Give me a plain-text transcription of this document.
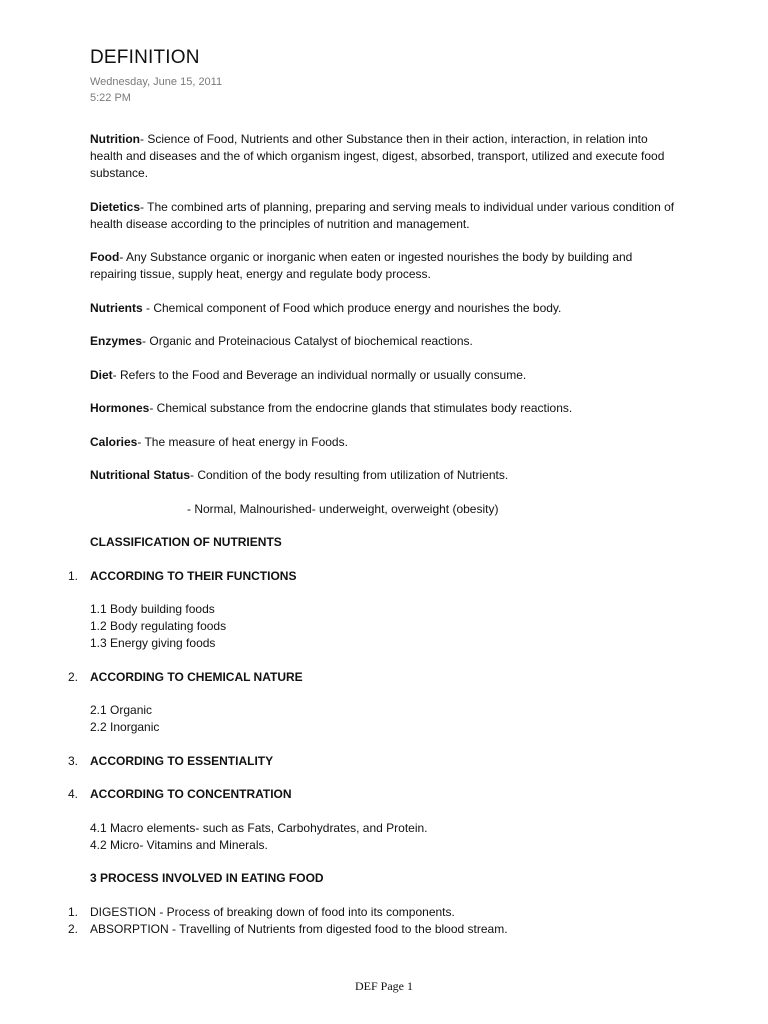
DEFINITION
Wednesday, June 15, 2011
5:22 PM

Nutrition- Science of Food, Nutrients and other Substance then in their action, interaction, in relation into health and diseases and the of which organism ingest, digest, absorbed, transport, utilized and execute food substance.

Dietetics- The combined arts of planning, preparing and serving meals to individual under various condition of health disease according to the principles of nutrition and management.

Food- Any Substance organic or inorganic when eaten or ingested nourishes the body by building and repairing tissue, supply heat, energy and regulate body process.

Nutrients - Chemical component of Food which produce energy and nourishes the body.

Enzymes- Organic and Proteinacious Catalyst of biochemical reactions.

Diet- Refers to the Food and Beverage an individual normally or usually consume.

Hormones- Chemical substance from the endocrine glands that stimulates body reactions.

Calories- The measure of heat energy in Foods.

Nutritional Status- Condition of the body resulting from utilization of Nutrients.

- Normal, Malnourished- underweight, overweight (obesity)

CLASSIFICATION OF NUTRIENTS

1. ACCORDING TO THEIR FUNCTIONS
1.1 Body building foods
1.2 Body regulating foods
1.3 Energy giving foods
2. ACCORDING TO CHEMICAL NATURE
2.1 Organic
2.2 Inorganic
3. ACCORDING TO ESSENTIALITY
4. ACCORDING TO CONCENTRATION
4.1 Macro elements- such as Fats, Carbohydrates, and Protein.
4.2 Micro- Vitamins and Minerals.

3 PROCESS INVOLVED IN EATING FOOD

1. DIGESTION - Process of breaking down of food into its components.
2. ABSORPTION - Travelling of Nutrients from digested food to the blood stream.
DEF Page 1
